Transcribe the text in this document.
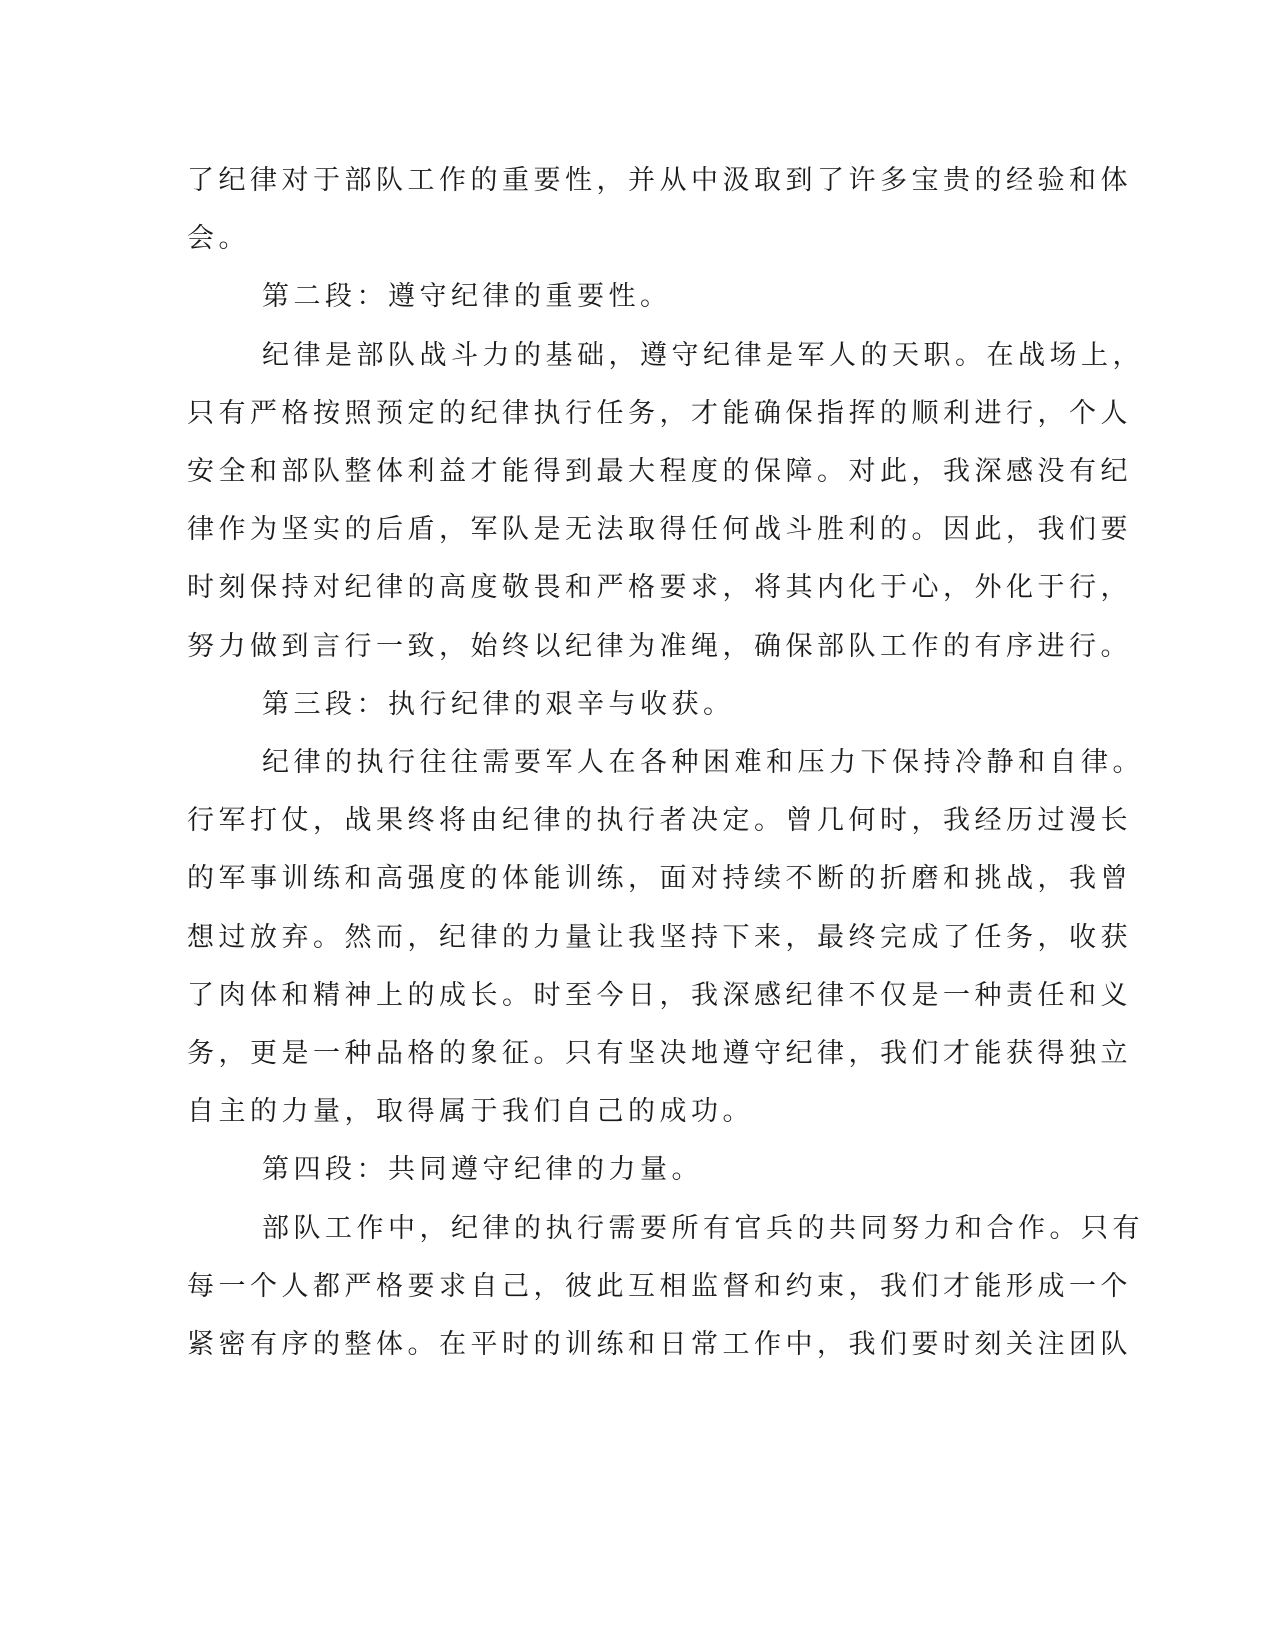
了纪律对于部队工作的重要性，并从中汲取到了许多宝贵的经验和体

会。

第二段：遵守纪律的重要性。

纪律是部队战斗力的基础，遵守纪律是军人的天职。在战场上，

只有严格按照预定的纪律执行任务，才能确保指挥的顺利进行，个人

安全和部队整体利益才能得到最大程度的保障。对此，我深感没有纪

律作为坚实的后盾，军队是无法取得任何战斗胜利的。因此，我们要

时刻保持对纪律的高度敬畏和严格要求，将其内化于心，外化于行，

努力做到言行一致，始终以纪律为准绳，确保部队工作的有序进行。

第三段：执行纪律的艰辛与收获。

纪律的执行往往需要军人在各种困难和压力下保持冷静和自律。

行军打仗，战果终将由纪律的执行者决定。曾几何时，我经历过漫长

的军事训练和高强度的体能训练，面对持续不断的折磨和挑战，我曾

想过放弃。然而，纪律的力量让我坚持下来，最终完成了任务，收获

了肉体和精神上的成长。时至今日，我深感纪律不仅是一种责任和义

务，更是一种品格的象征。只有坚决地遵守纪律，我们才能获得独立

自主的力量，取得属于我们自己的成功。

第四段：共同遵守纪律的力量。

部队工作中，纪律的执行需要所有官兵的共同努力和合作。只有

每一个人都严格要求自己，彼此互相监督和约束，我们才能形成一个

紧密有序的整体。在平时的训练和日常工作中，我们要时刻关注团队
